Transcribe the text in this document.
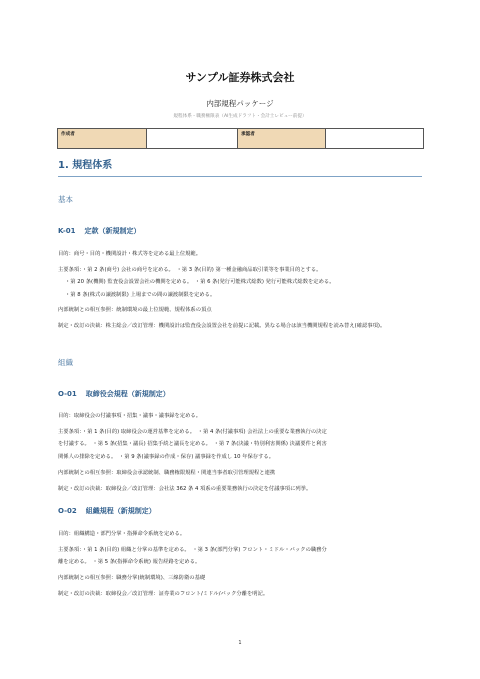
サンプル証券株式会社
内部規程パッケージ
規程体系・職務権限表（AI生成ドラフト・会計士レビュー前提）
作成者		承認者	
1. 規程体系
基本
K-01 定款（新規制定）
目的：商号・目的・機関設計・株式等を定める最上位規範。
主要条項：・第 2 条(商号) 会社の商号を定める。　・第 3 条(目的) 第一種金融商品取引業等を事業目的とする。
・第 20 条(機関) 監査役会設置会社の機関を定める。　・第 6 条(発行可能株式総数) 発行可能株式総数を定める。
・第 8 条(株式の譲渡制限) 上場までの間の譲渡制限を定める。
内部統制との相互参照：統制環境の最上位規範、規程体系の頂点
制定・改訂の決裁：株主総会／改訂管理：機関設計は監査役会設置会社を前提に記載。異なる場合は該当機関規程を読み替え(確認事項)。
組織
O-01 取締役会規程（新規制定）
目的：取締役会の付議事項・招集・議事・議事録を定める。
主要条項：・第 1 条(目的) 取締役会の運営基準を定める。　・第 4 条(付議事項) 会社法上の重要な業務執行の決定
を付議する。　・第 5 条(招集・議長) 招集手続と議長を定める。　・第 7 条(決議・特別利害関係) 決議要件と利害
関係人の排除を定める。　・第 9 条(議事録の作成・保存) 議事録を作成し 10 年保存する。
内部統制との相互参照：取締役会承認統制、職務権限規程・関連当事者取引管理規程と連携
制定・改訂の決裁：取締役会／改訂管理：会社法 362 条 4 項系の重要業務執行の決定を付議事項に列挙。
O-02 組織規程（新規制定）
目的：組織構造・部門分掌・指揮命令系統を定める。
主要条項：・第 1 条(目的) 組織と分掌の基準を定める。　・第 3 条(部門分掌) フロント・ミドル・バックの職務分
離を定める。　・第 5 条(指揮命令系統) 報告経路を定める。
内部統制との相互参照：職務分掌(統制環境)、三線防衛の基礎
制定・改訂の決裁：取締役会／改訂管理：証券業のフロント/ミドル/バック分離を明記。
1
